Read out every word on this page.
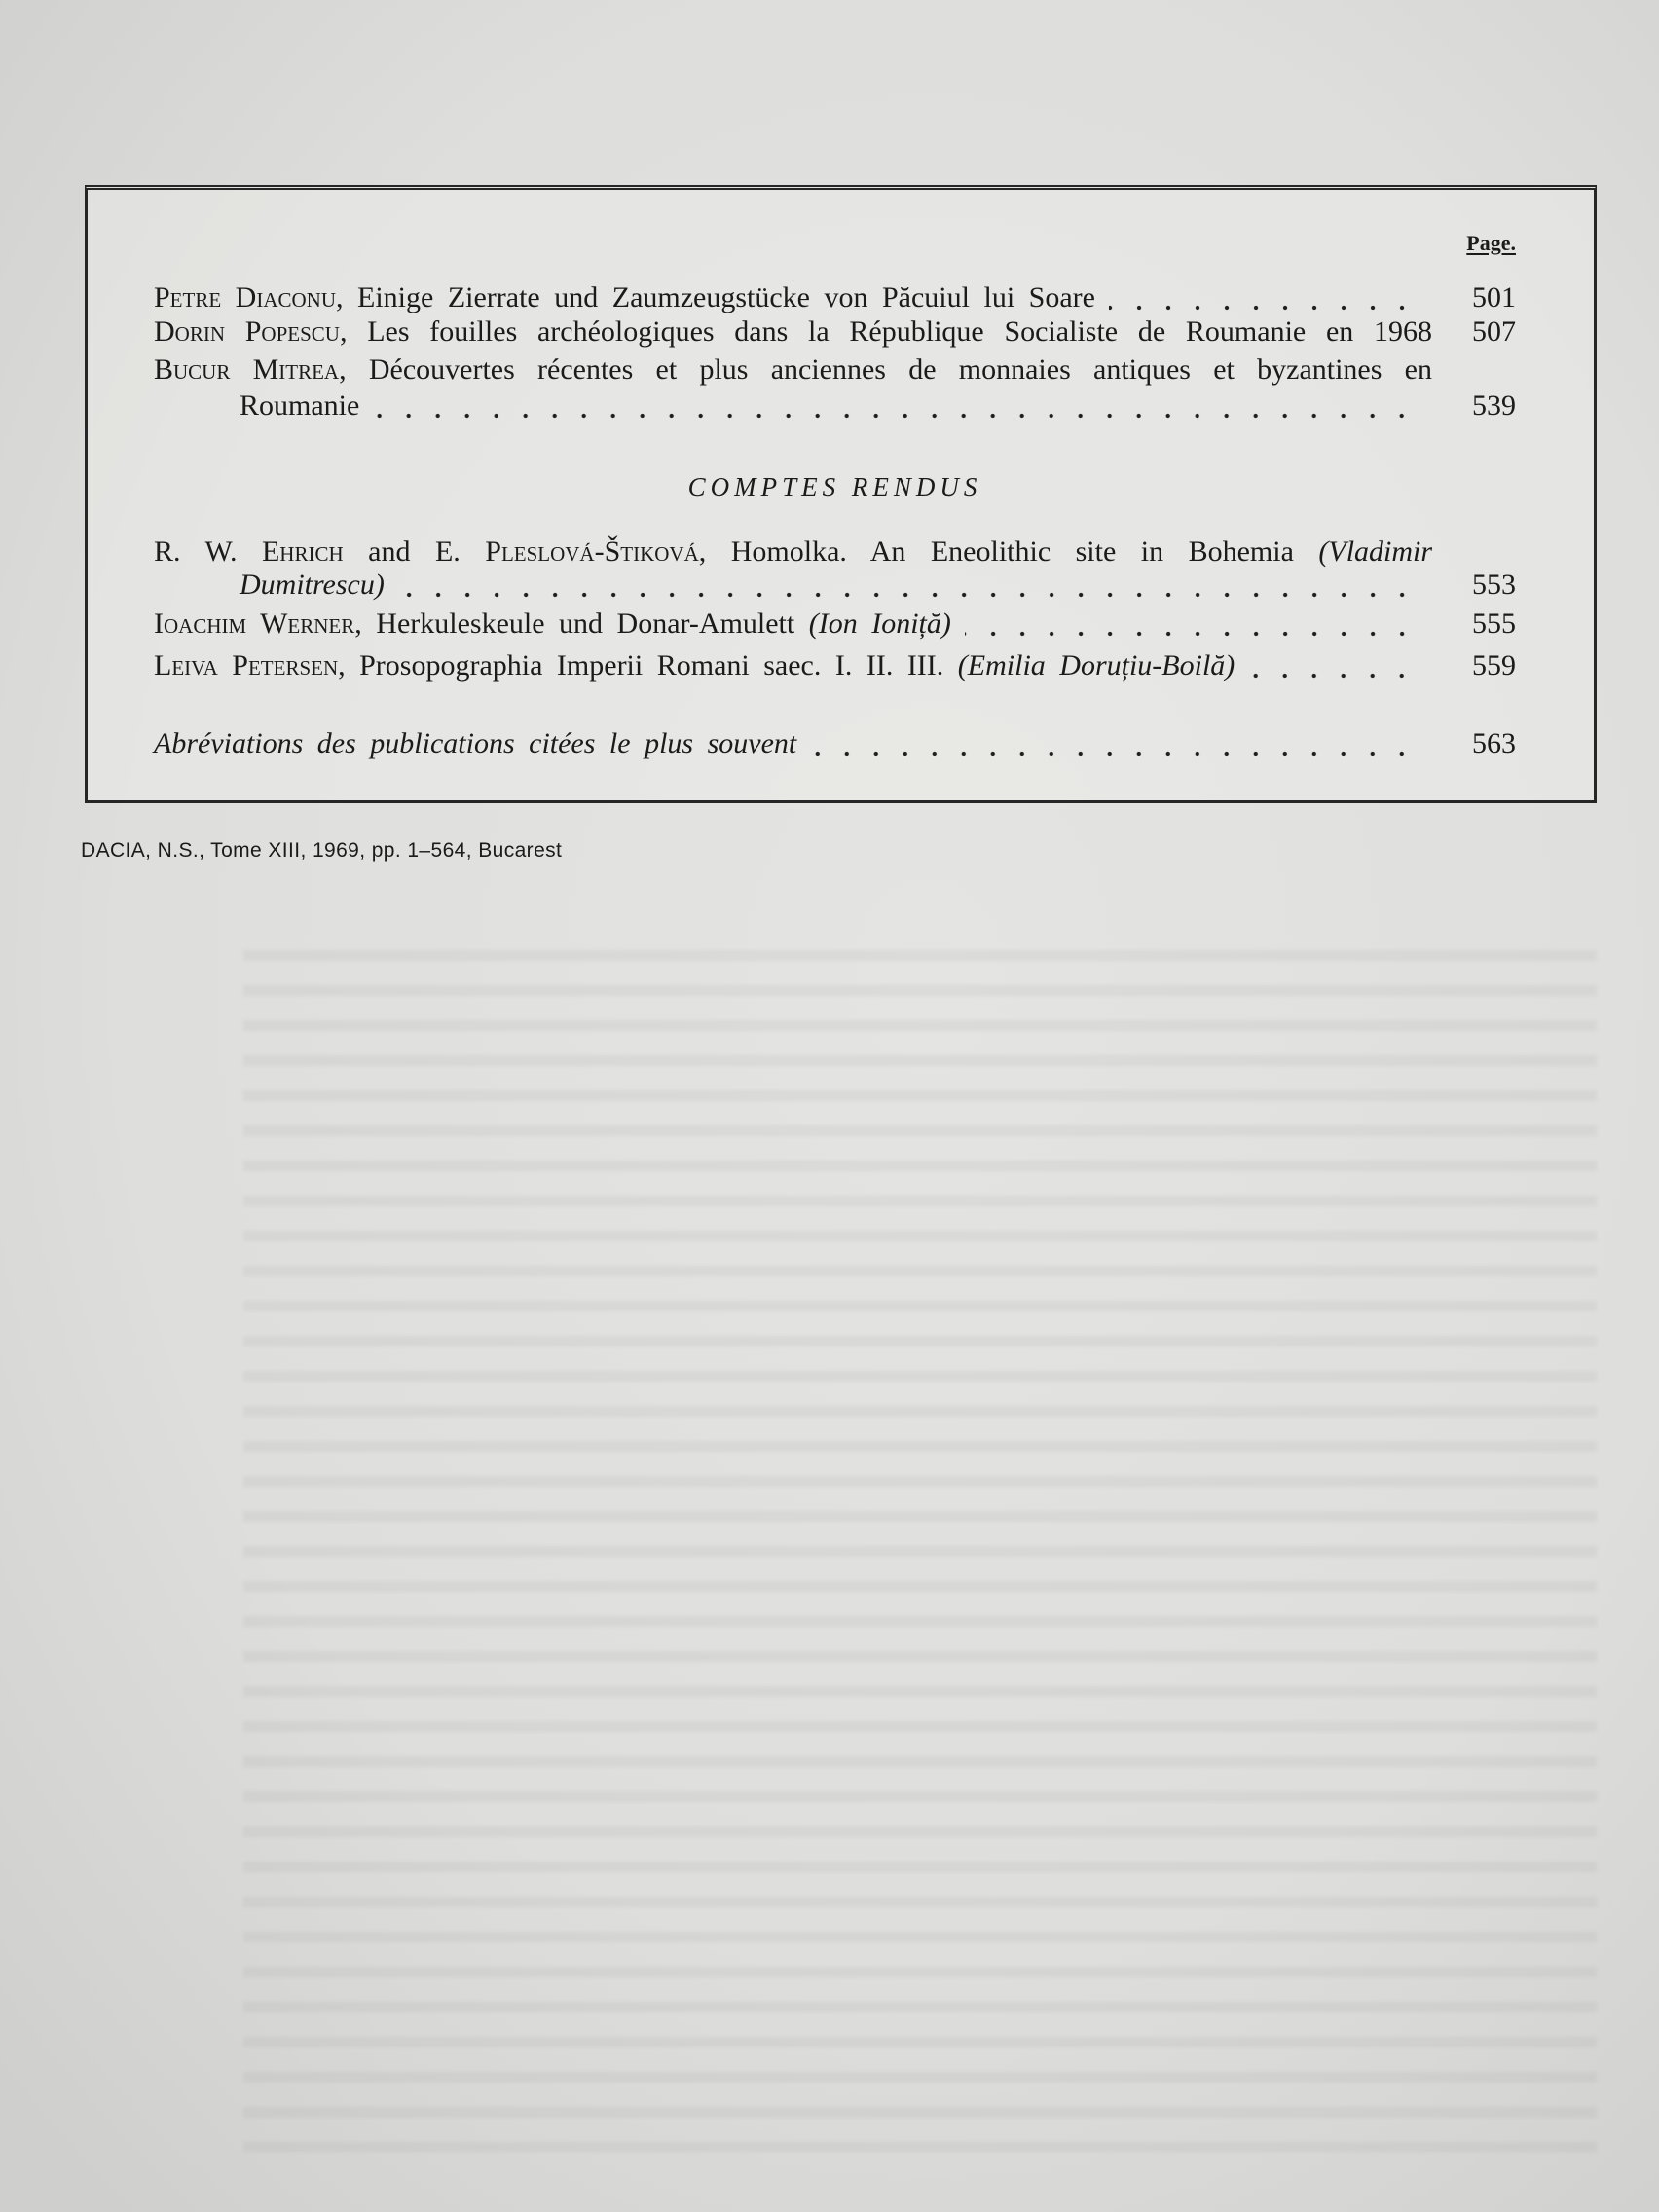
Page.
Petre Diaconu, Einige Zierrate und Zaumzeugstücke von Păcuiul lui Soare	501
Dorin Popescu, Les fouilles archéologiques dans la République Socialiste de Roumanie en 1968	507
Bucur Mitrea, Découvertes récentes et plus anciennes de monnaies antiques et byzantines en
Roumanie	539
COMPTES RENDUS
R. W. Ehrich and E. Pleslová-Štiková, Homolka. An Eneolithic site in Bohemia (Vladimir
Dumitrescu)	553
Ioachim Werner, Herkuleskeule und Donar-Amulett (Ion Ioniță)	555
Leiva Petersen, Prosopographia Imperii Romani saec. I. II. III. (Emilia Doruțiu-Boilă)	559
Abréviations des publications citées le plus souvent	563
DACIA, N.S., Tome XIII, 1969, pp. 1–564, Bucarest
